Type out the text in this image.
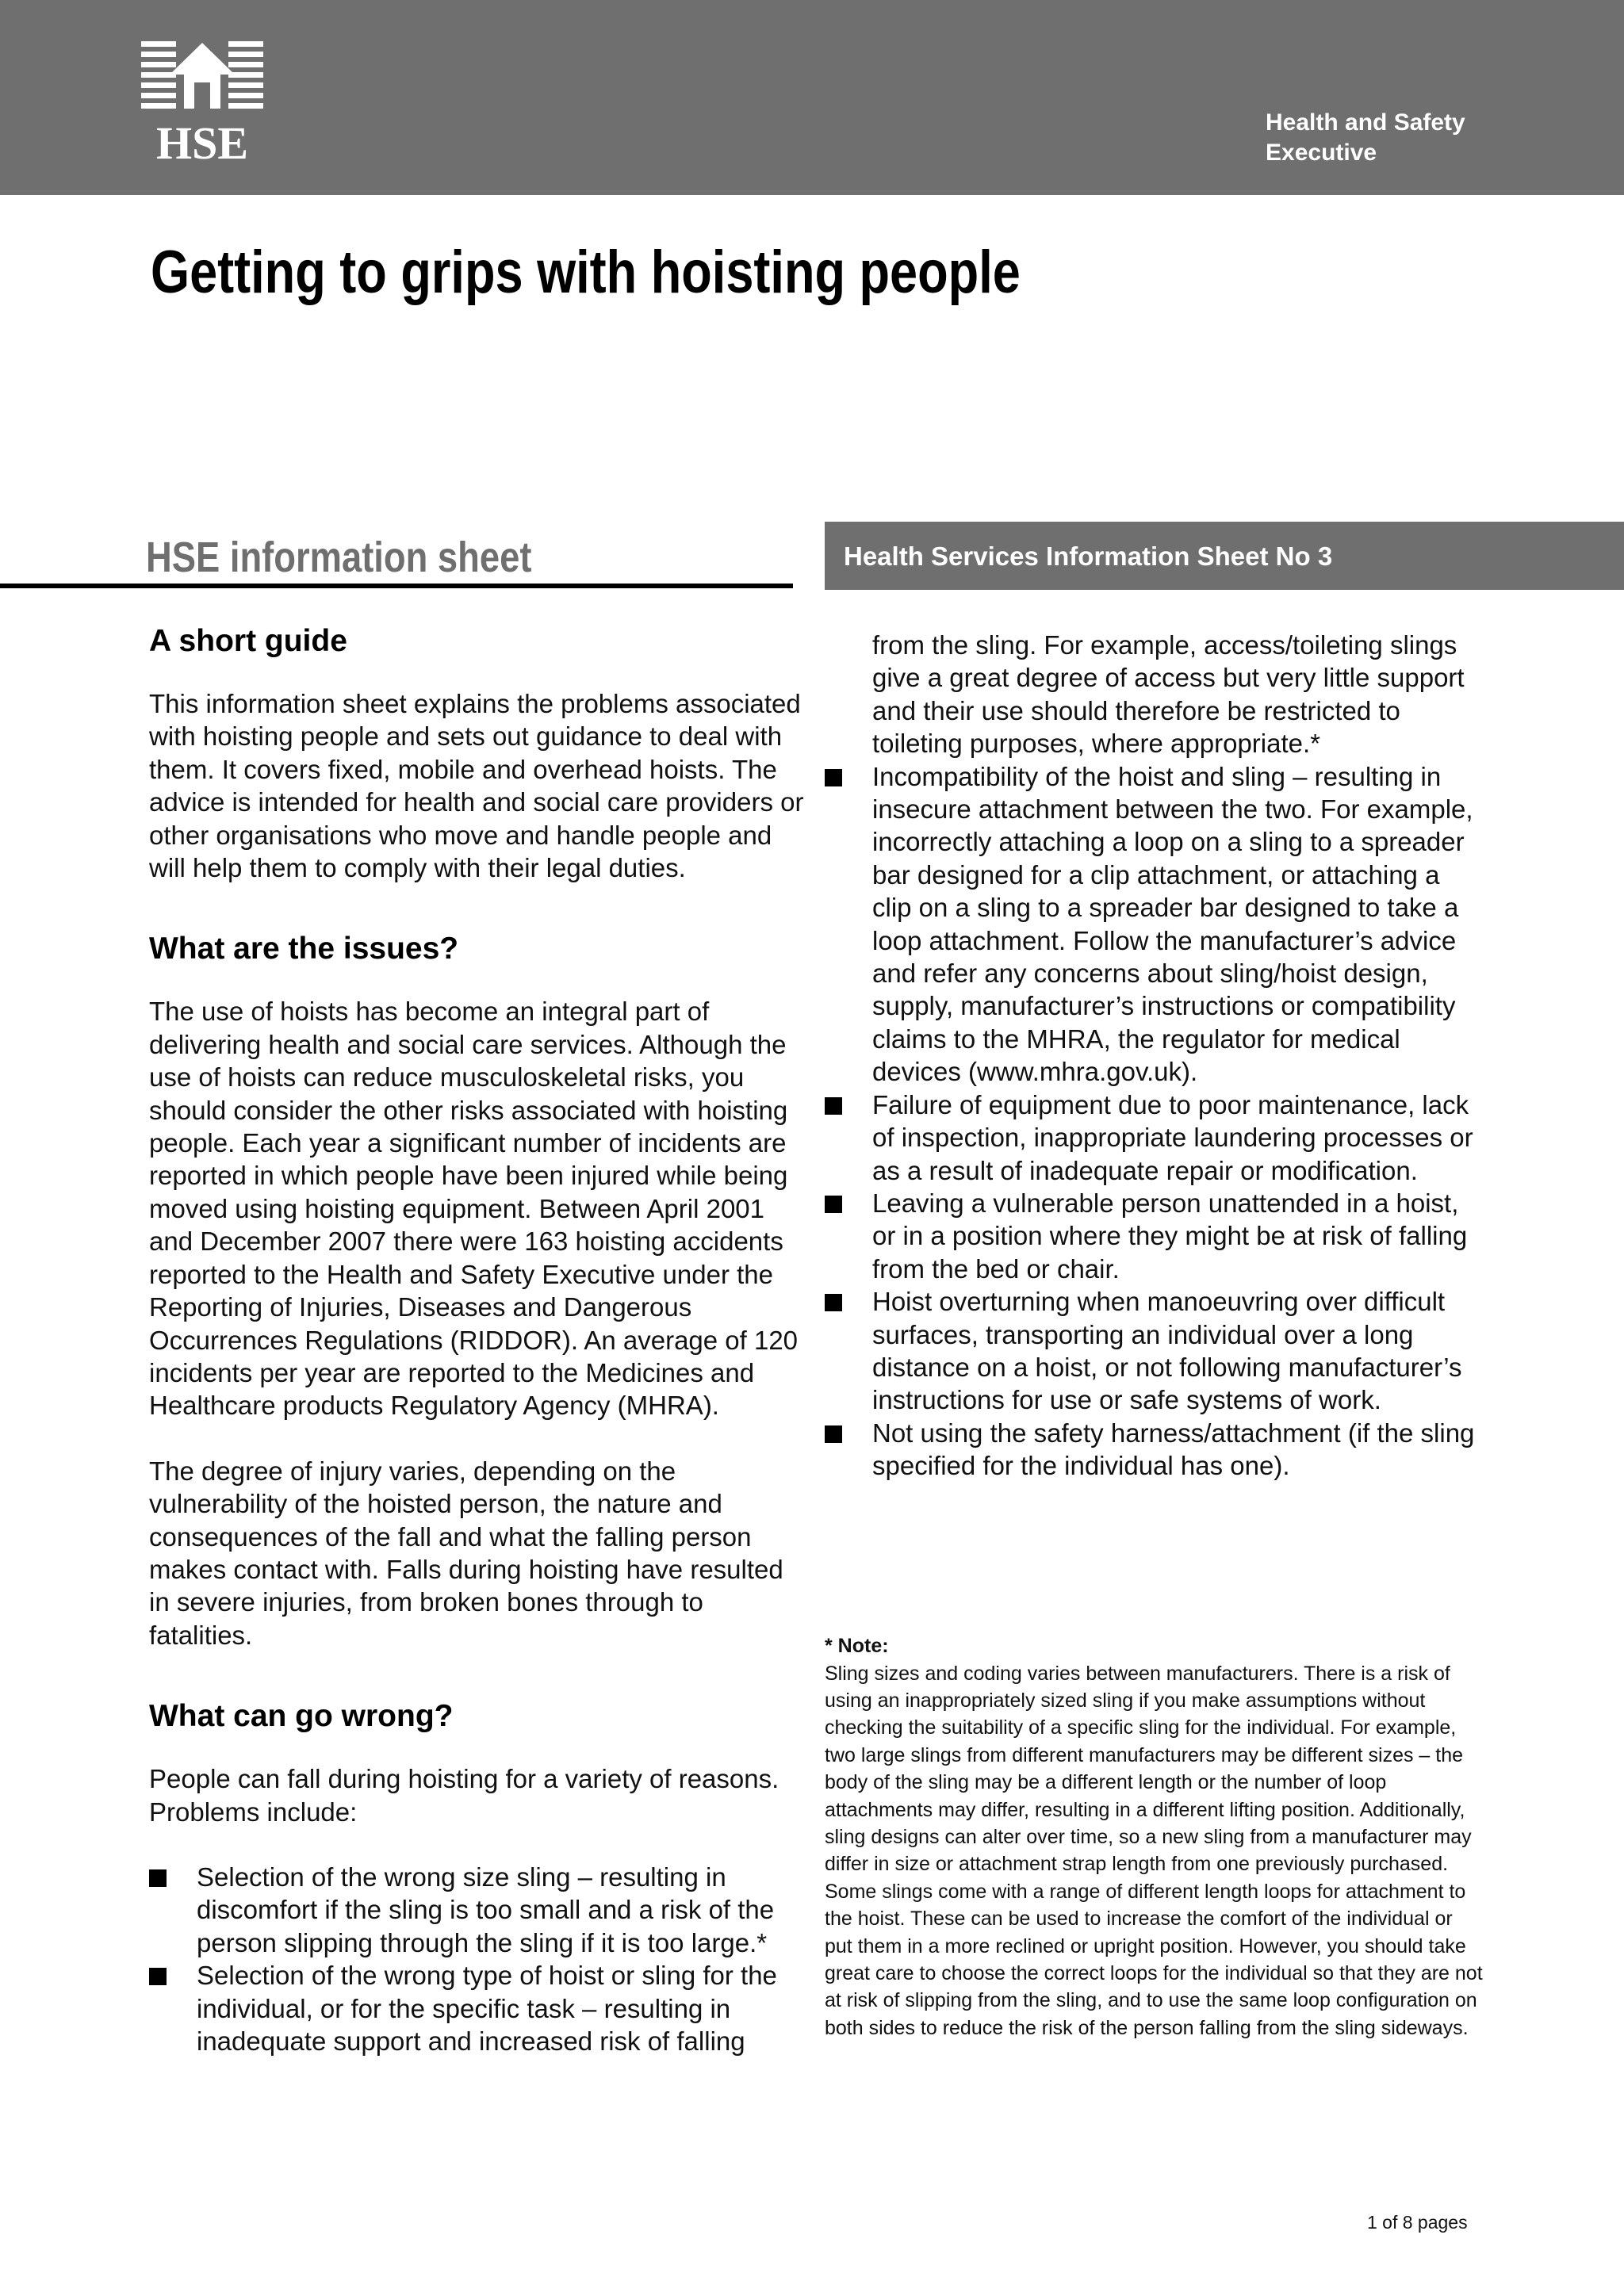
HSE	Health and Safety
Executive
Getting to grips with hoisting people
HSE information sheet	Health Services Information Sheet No 3
A short guide

This information sheet explains the problems associated with hoisting people and sets out guidance to deal with them. It covers fixed, mobile and overhead hoists. The advice is intended for health and social care providers or other organisations who move and handle people and will help them to comply with their legal duties.

What are the issues?

The use of hoists has become an integral part of delivering health and social care services. Although the use of hoists can reduce musculoskeletal risks, you should consider the other risks associated with hoisting people. Each year a significant number of incidents are reported in which people have been injured while being moved using hoisting equipment. Between April 2001 and December 2007 there were 163 hoisting accidents reported to the Health and Safety Executive under the Reporting of Injuries, Diseases and Dangerous Occurrences Regulations (RIDDOR). An average of 120 incidents per year are reported to the Medicines and Healthcare products Regulatory Agency (MHRA).

The degree of injury varies, depending on the vulnerability of the hoisted person, the nature and consequences of the fall and what the falling person makes contact with. Falls during hoisting have resulted in severe injuries, from broken bones through to fatalities.

What can go wrong?

People can fall during hoisting for a variety of reasons. Problems include:

Selection of the wrong size sling – resulting in discomfort if the sling is too small and a risk of the person slipping through the sling if it is too large.*
Selection of the wrong type of hoist or sling for the individual, or for the specific task – resulting in inadequate support and increased risk of falling
from the sling. For example, access/toileting slings give a great degree of access but very little support and their use should therefore be restricted to toileting purposes, where appropriate.*
Incompatibility of the hoist and sling – resulting in insecure attachment between the two. For example, incorrectly attaching a loop on a sling to a spreader bar designed for a clip attachment, or attaching a clip on a sling to a spreader bar designed to take a loop attachment. Follow the manufacturer’s advice and refer any concerns about sling/hoist design, supply, manufacturer’s instructions or compatibility claims to the MHRA, the regulator for medical devices (www.mhra.gov.uk).
Failure of equipment due to poor maintenance, lack of inspection, inappropriate laundering processes or as a result of inadequate repair or modification.
Leaving a vulnerable person unattended in a hoist, or in a position where they might be at risk of falling from the bed or chair.
Hoist overturning when manoeuvring over difficult surfaces, transporting an individual over a long distance on a hoist, or not following manufacturer’s instructions for use or safe systems of work.
Not using the safety harness/attachment (if the sling specified for the individual has one).

* Note:

Sling sizes and coding varies between manufacturers. There is a risk of using an inappropriately sized sling if you make assumptions without checking the suitability of a specific sling for the individual. For example, two large slings from different manufacturers may be different sizes – the body of the sling may be a different length or the number of loop attachments may differ, resulting in a different lifting position. Additionally, sling designs can alter over time, so a new sling from a manufacturer may differ in size or attachment strap length from one previously purchased. Some slings come with a range of different length loops for attachment to the hoist. These can be used to increase the comfort of the individual or put them in a more reclined or upright position. However, you should take great care to choose the correct loops for the individual so that they are not at risk of slipping from the sling, and to use the same loop configuration on both sides to reduce the risk of the person falling from the sling sideways.

1 of 8 pages
